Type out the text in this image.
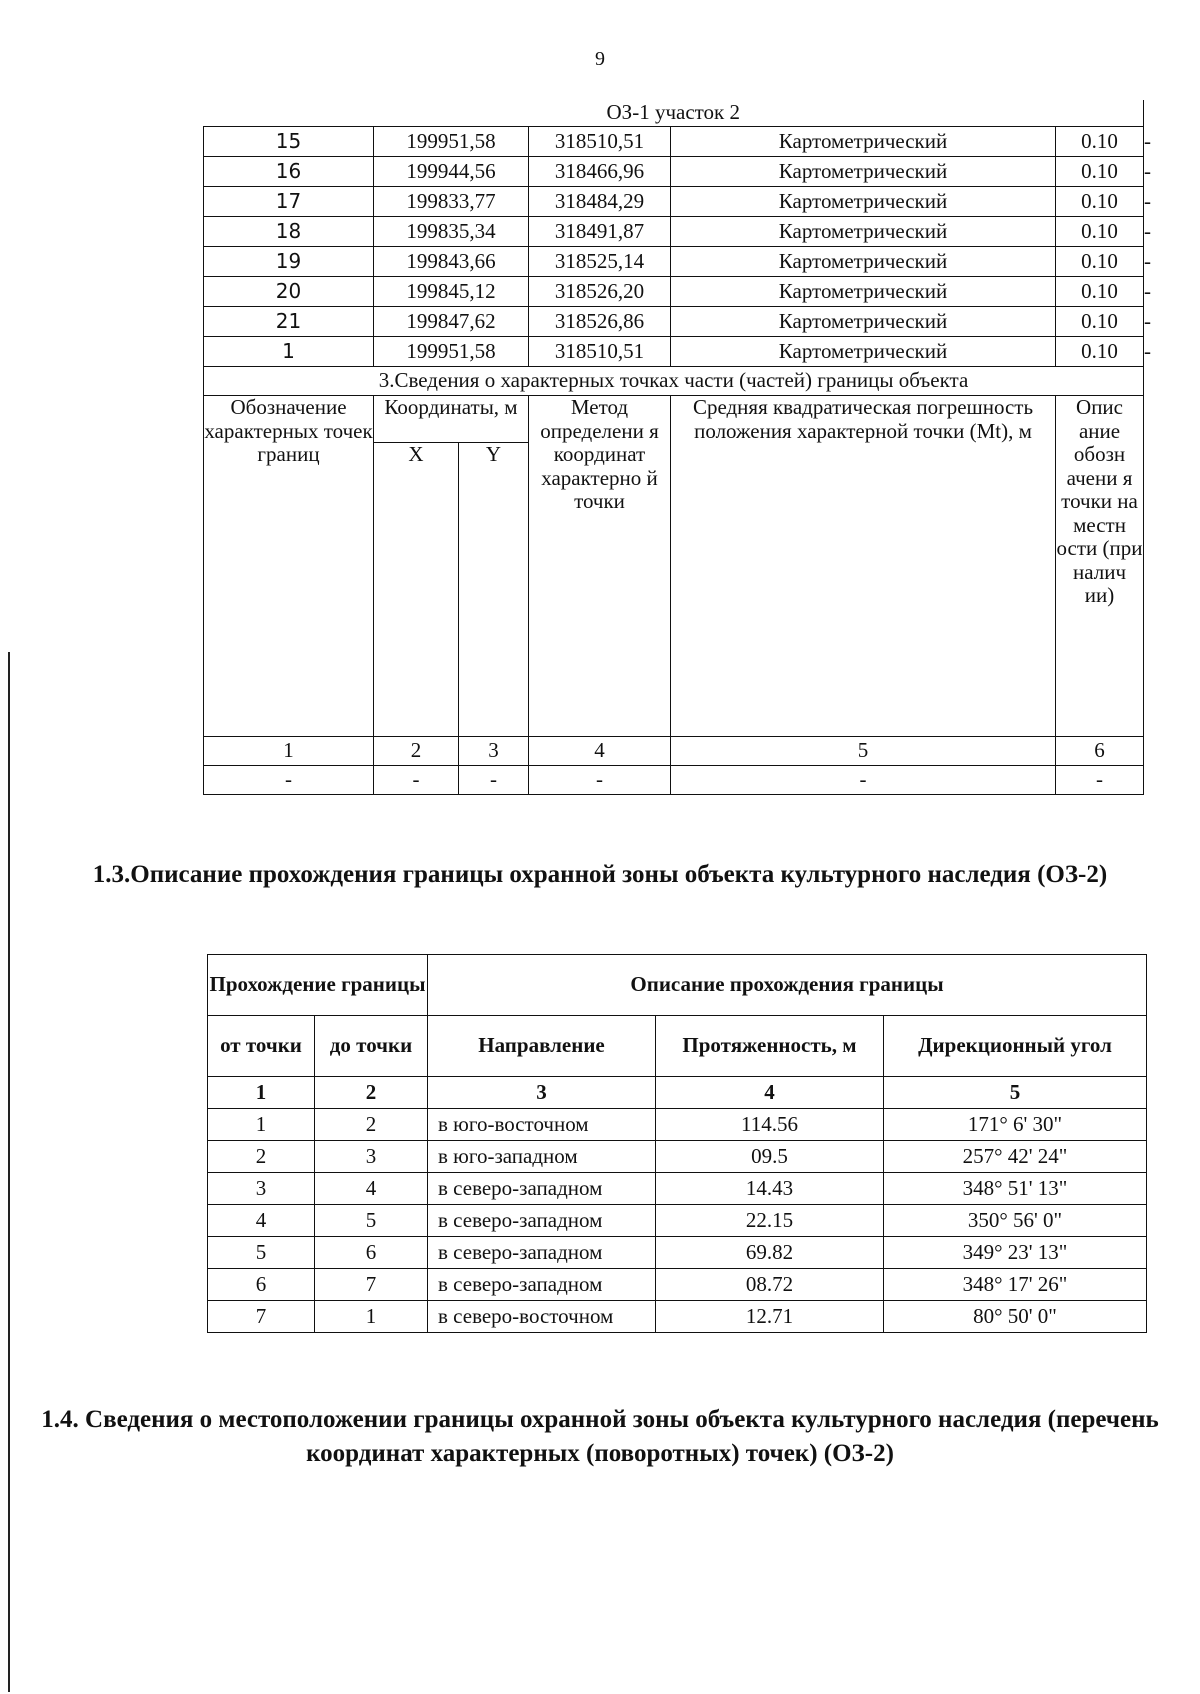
9
ОЗ-1 участок 2						
15	199951,58		318510,51	Картометрический	0.10	-
16	199944,56		318466,96	Картометрический	0.10	-
17	199833,77		318484,29	Картометрический	0.10	-
18	199835,34		318491,87	Картометрический	0.10	-
19	199843,66		318525,14	Картометрический	0.10	-
20	199845,12		318526,20	Картометрический	0.10	-
21	199847,62		318526,86	Картометрический	0.10	-
1	199951,58		318510,51	Картометрический	0.10	-
3.Сведения о характерных точках части (частей) границы объекта						
Обозначение характерных точек границ	Координаты, м		Метод определени я координат характерно й точки	Средняя квадратическая погрешность положения характерной точки (Mt), м	Опис ание обозн ачени я точки на местн ости (при налич ии)	
	X	Y				
1	2	3	4	5	6	
-	-	-	-	-	-	
1.3.Описание прохождения границы охранной зоны объекта культурного наследия (ОЗ-2)
Прохождение границы		Описание прохождения границы		
от точки	до точки			
		Направление	Протяженность, м	Дирекционный угол
1	2	3	4	5
1	2	в юго-восточном	114.56	171° 6' 30"
2	3	в юго-западном	09.5	257° 42' 24"
3	4	в северо-западном	14.43	348° 51' 13"
4	5	в северо-западном	22.15	350° 56' 0"
5	6	в северо-западном	69.82	349° 23' 13"
6	7	в северо-западном	08.72	348° 17' 26"
7	1	в северо-восточном	12.71	80° 50' 0"
1.4. Сведения о местоположении границы охранной зоны объекта культурного наследия (перечень координат характерных (поворотных) точек) (ОЗ-2)
